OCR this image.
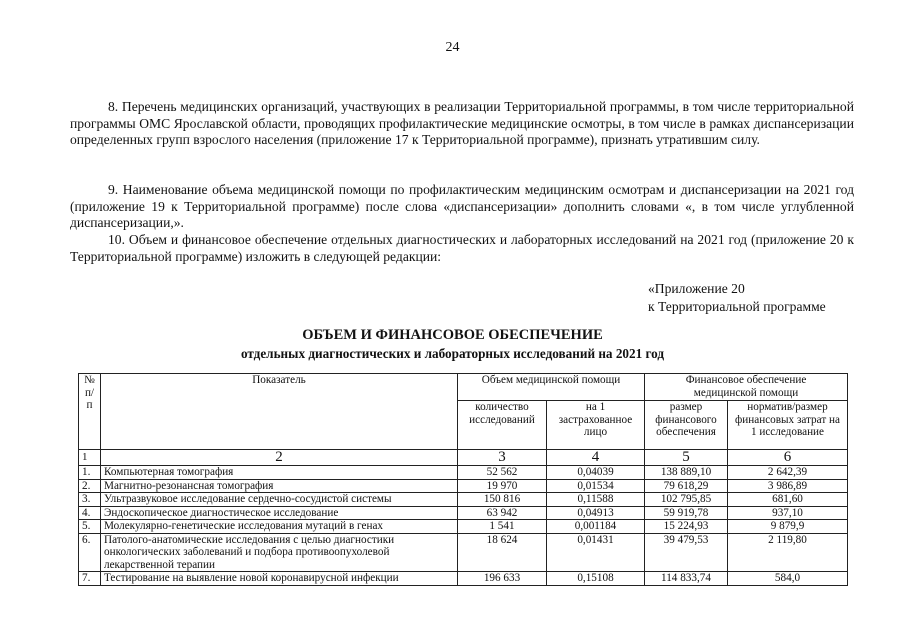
24
8. Перечень медицинских организаций, участвующих в реализации Территориальной программы, в том числе территориальной программы ОМС Ярославской области, проводящих профилактические медицинские осмотры, в том числе в рамках диспансеризации определенных групп взрослого населения (приложение 17 к Территориальной программе), признать утратившим силу.
9. Наименование объема медицинской помощи по профилактическим медицинским осмотрам и диспансеризации на 2021 год (приложение 19 к Территориальной программе) после слова «диспансеризации» дополнить словами «, в том числе углубленной диспансеризации,».
10. Объем и финансовое обеспечение отдельных диагностических и лабораторных исследований на 2021 год (приложение 20 к Территориальной программе) изложить в следующей редакции:
«Приложение 20
к Территориальной программе
ОБЪЕМ И ФИНАНСОВОЕ ОБЕСПЕЧЕНИЕ
отдельных диагностических и лабораторных исследований на 2021 год
№ п/п	Показатель	Объем медицинской помощи		Финансовое обеспечение медицинской помощи	
		количество исследований	на 1 застрахованное лицо	размер финансового обеспечения	норматив/размер финансовых затрат на 1 исследование
1	2	3	4	5	6
1.	Компьютерная томография	52 562	0,04039	138 889,10	2 642,39
2.	Магнитно-резонансная томография	19 970	0,01534	79 618,29	3 986,89
3.	Ультразвуковое исследование сердечно-сосудистой системы	150 816	0,11588	102 795,85	681,60
4.	Эндоскопическое диагностическое исследование	63 942	0,04913	59 919,78	937,10
5.	Молекулярно-генетические исследования мутаций в генах	1 541	0,001184	15 224,93	9 879,9
6.	Патолого-анатомические исследования с целью диагностики онкологических заболеваний и подбора противоопухолевой лекарственной терапии	18 624	0,01431	39 479,53	2 119,80
7.	Тестирование на выявление новой коронавирусной инфекции	196 633	0,15108	114 833,74	584,0
